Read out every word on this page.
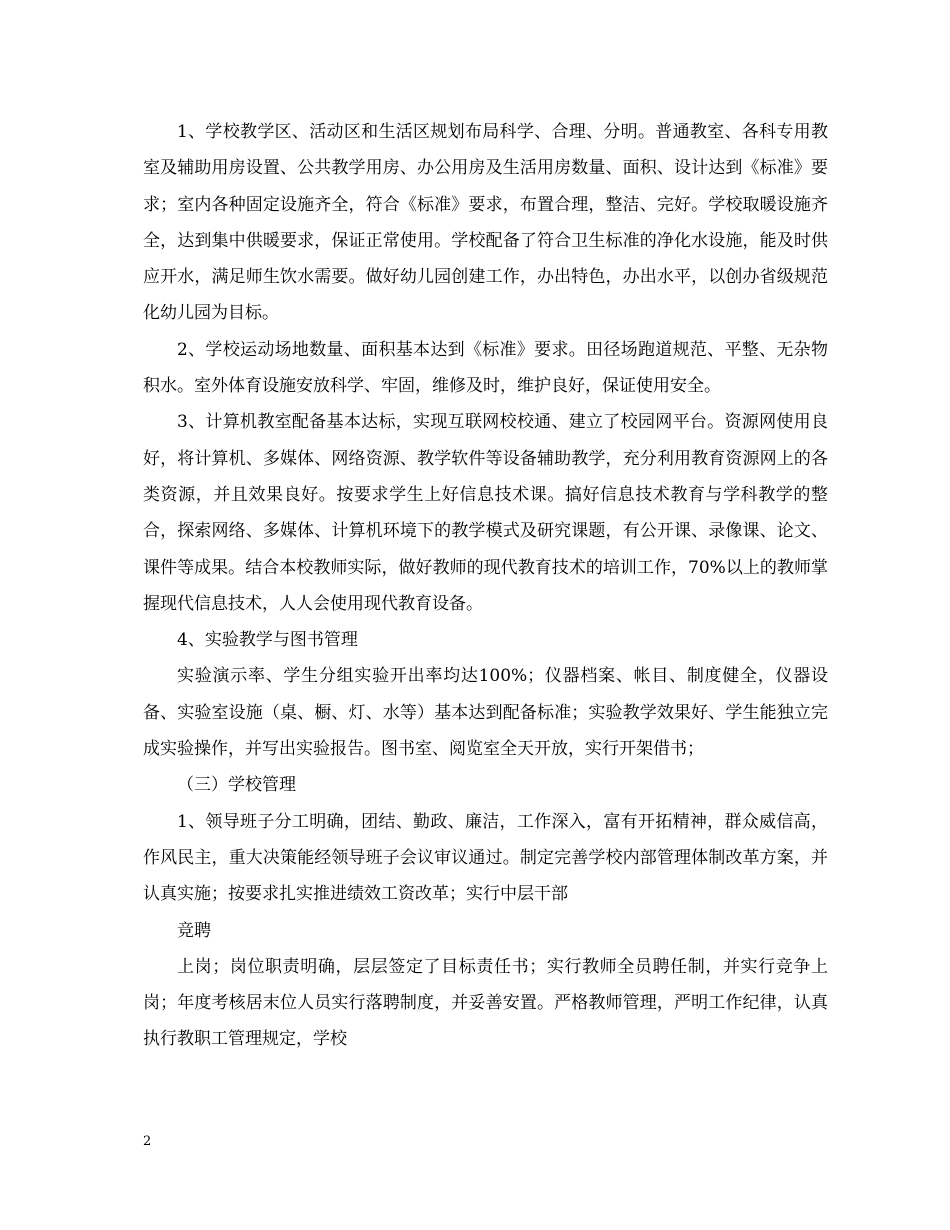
1、学校教学区、活动区和生活区规划布局科学、合理、分明。普通教室、各科专用教室及辅助用房设置、公共教学用房、办公用房及生活用房数量、面积、设计达到《标准》要求；室内各种固定设施齐全，符合《标准》要求，布置合理，整洁、完好。学校取暖设施齐全，达到集中供暖要求，保证正常使用。学校配备了符合卫生标准的净化水设施，能及时供应开水，满足师生饮水需要。做好幼儿园创建工作，办出特色，办出水平，以创办省级规范化幼儿园为目标。

2、学校运动场地数量、面积基本达到《标准》要求。田径场跑道规范、平整、无杂物积水。室外体育设施安放科学、牢固，维修及时，维护良好，保证使用安全。

3、计算机教室配备基本达标，实现互联网校校通、建立了校园网平台。资源网使用良好，将计算机、多媒体、网络资源、教学软件等设备辅助教学，充分利用教育资源网上的各类资源，并且效果良好。按要求学生上好信息技术课。搞好信息技术教育与学科教学的整合，探索网络、多媒体、计算机环境下的教学模式及研究课题，有公开课、录像课、论文、课件等成果。结合本校教师实际，做好教师的现代教育技术的培训工作，70%以上的教师掌握现代信息技术，人人会使用现代教育设备。

4、实验教学与图书管理

实验演示率、学生分组实验开出率均达100%；仪器档案、帐目、制度健全，仪器设备、实验室设施（桌、橱、灯、水等）基本达到配备标准；实验教学效果好、学生能独立完成实验操作，并写出实验报告。图书室、阅览室全天开放，实行开架借书；

（三）学校管理

1、领导班子分工明确，团结、勤政、廉洁，工作深入，富有开拓精神，群众威信高，作风民主，重大决策能经领导班子会议审议通过。制定完善学校内部管理体制改革方案，并认真实施；按要求扎实推进绩效工资改革；实行中层干部

竞聘

上岗；岗位职责明确，层层签定了目标责任书；实行教师全员聘任制，并实行竞争上岗；年度考核居末位人员实行落聘制度，并妥善安置。严格教师管理，严明工作纪律，认真执行教职工管理规定，学校

2
